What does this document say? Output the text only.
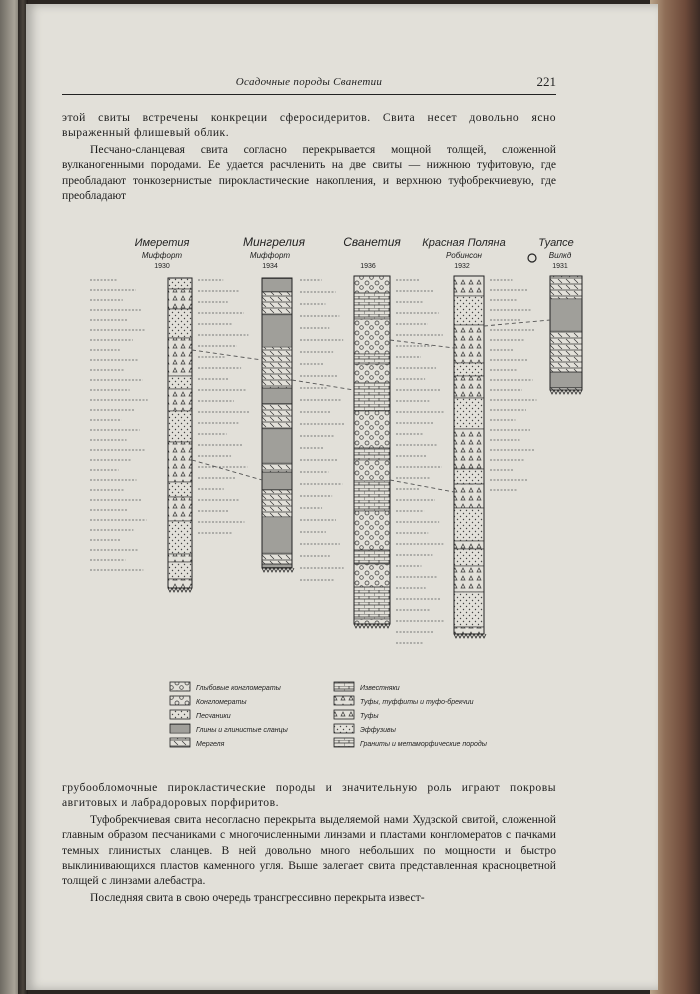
Осадочные породы Сванетии	221

этой свиты встречены конкреции сферосидеритов. Свита несет довольно ясно выраженный флишевый облик.

Песчано-сланцевая свита согласно перекрывается мощной толщей, сложенной вулканогенными породами. Ее удается расчленить на две свиты — нижнюю туфитовую, где преобладают тонкозернистые пирокластические накопления, и верхнюю туфобрекчиевую, где преобладают

Имеретия
Миффорт
1930
Мингрелия
Миффорт
1934
Сванетия
1936
Красная Поляна
Робинсон
1932
Туапсе
Вилкд
1931
Глыбовые конгломераты
Конгломераты
Песчаники
Глины и глинистые сланцы
Мергеля
Известняки
Туфы, туффиты и туфо-брекчии
Туфы
Эффузивы
Граниты и метаморфические породы

грубообломочные пирокластические породы и значительную роль играют покровы авгитовых и лабрадоровых порфиритов.

Туфобрекчиевая свита несогласно перекрыта выделяемой нами Худзской свитой, сложенной главным образом песчаниками с многочисленными линзами и пластами конгломератов с пачками темных глинистых сланцев. В ней довольно много небольших по мощности и быстро выклинивающихся пластов каменного угля. Выше залегает свита представленная красноцветной толщей с линзами алебастра.

Последняя свита в свою очередь трансгрессивно перекрыта извест-
